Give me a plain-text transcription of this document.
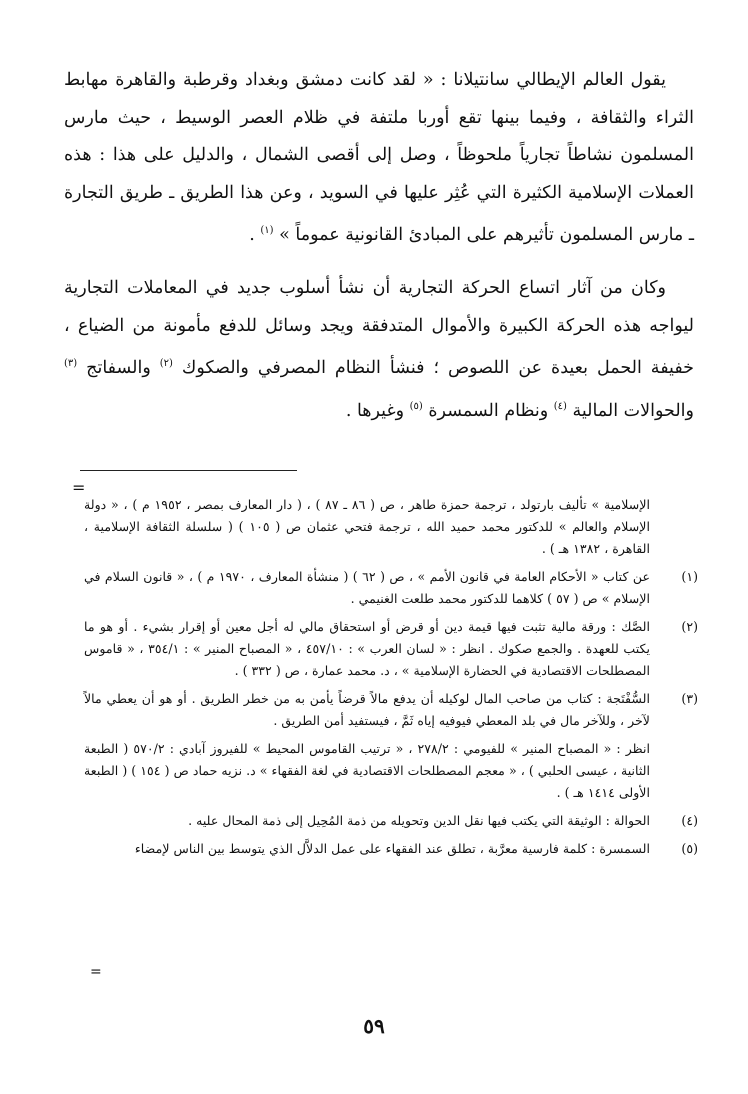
يقول العالم الإيطالي سانتيلانا : « لقد كانت دمشق وبغداد وقرطبة والقاهرة مهابط الثراء والثقافة ، وفيما بينها تقع أوربا ملتفة في ظلام العصر الوسيط ، حيث مارس المسلمون نشاطاً تجارياً ملحوظاً ، وصل إلى أقصى الشمال ، والدليل على هذا : هذه العملات الإسلامية الكثيرة التي عُثِر عليها في السويد ، وعن هذا الطريق ـ طريق التجارة ـ مارس المسلمون تأثيرهم على المبادئ القانونية عموماً » $^{(١)}$ .

وكان من آثار اتساع الحركة التجارية أن نشأ أسلوب جديد في المعاملات التجارية ليواجه هذه الحركة الكبيرة والأموال المتدفقة ويجد وسائل للدفع مأمونة من الضياع ، خفيفة الحمل بعيدة عن اللصوص ؛ فنشأ النظام المصرفي والصكوك $^{(٢)}$ والسفاتج $^{(٣)}$ والحوالات المالية $^{(٤)}$ ونظام السمسرة $^{(٥)}$ وغيرها .

=
الإسلامية » تأليف بارتولد ، ترجمة حمزة طاهر ، ص ( ٨٦ ـ ٨٧ ) ، ( دار المعارف بمصر ، ١٩٥٢ م ) ، « دولة الإسلام والعالم » للدكتور محمد حميد الله ، ترجمة فتحي عثمان ص ( ١٠٥ ) ( سلسلة الثقافة الإسلامية ، القاهرة ، ١٣٨٢ هـ ) .
(١)
عن كتاب « الأحكام العامة في قانون الأمم » ، ص ( ٦٢ ) ( منشأة المعارف ، ١٩٧٠ م ) ، « قانون السلام في الإسلام » ص ( ٥٧ ) كلاهما للدكتور محمد طلعت الغنيمي .
(٢)
الصَّك : ورقة مالية تثبت فيها قيمة دين أو قرض أو استحقاق مالي له أجل معين أو إقرار بشيء . أو هو ما يكتب للعهدة . والجمع صكوك . انظر : « لسان العرب » : ٤٥٧/١٠ ، « المصباح المنير » : ٣٥٤/١ ، « قاموس المصطلحات الاقتصادية في الحضارة الإسلامية » ، د. محمد عمارة ، ص ( ٣٣٢ ) .
(٣)
السُّفْتَجة : كتاب من صاحب المال لوكيله أن يدفع مالاً قرضاً يأمن به من خطر الطريق . أو هو أن يعطي مالاً لآخر ، وللآخر مال في بلد المعطي فيوفيه إياه ثَمَّ ، فيستفيد أمن الطريق .
انظر : « المصباح المنير » للفيومي : ٢٧٨/٢ ، « ترتيب القاموس المحيط » للفيروز آبادي : ٥٧٠/٢ ( الطبعة الثانية ، عيسى الحلبي ) ، « معجم المصطلحات الاقتصادية في لغة الفقهاء » د. نزيه حماد ص ( ١٥٤ ) ( الطبعة الأولى ١٤١٤ هـ ) .
(٤)
الحوالة : الوثيقة التي يكتب فيها نقل الدين وتحويله من ذمة المُحِيل إلى ذمة المحال عليه .
(٥)
السمسرة : كلمة فارسية معرَّبة ، تطلق عند الفقهاء على عمل الدلاَّل الذي يتوسط بين الناس لإمضاء
=
٥٩
